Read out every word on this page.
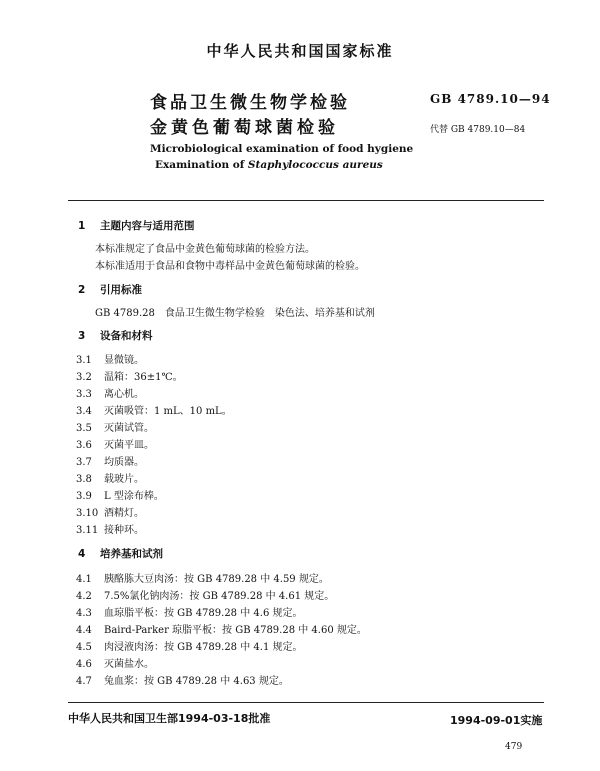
中华人民共和国国家标准
食品卫生微生物学检验
金黄色葡萄球菌检验
GB 4789.10—94
代替 GB 4789.10—84
Microbiological examination of food hygiene
Examination of Staphylococcus aureus
1 主题内容与适用范围
本标准规定了食品中金黄色葡萄球菌的检验方法。
本标准适用于食品和食物中毒样品中金黄色葡萄球菌的检验。
2 引用标准
GB 4789.28　食品卫生微生物学检验　染色法、培养基和试剂
3 设备和材料
3.1 显微镜。
3.2 温箱：36±1℃。
3.3 离心机。
3.4 灭菌吸管：1 mL、10 mL。
3.5 灭菌试管。
3.6 灭菌平皿。
3.7 均质器。
3.8 载玻片。
3.9 L 型涂布棒。
3.10 酒精灯。
3.11 接种环。
4 培养基和试剂
4.1 胰酪胨大豆肉汤：按 GB 4789.28 中 4.59 规定。
4.2 7.5%氯化钠肉汤：按 GB 4789.28 中 4.61 规定。
4.3 血琼脂平板：按 GB 4789.28 中 4.6 规定。
4.4 Baird-Parker 琼脂平板：按 GB 4789.28 中 4.60 规定。
4.5 肉浸液肉汤：按 GB 4789.28 中 4.1 规定。
4.6 灭菌盐水。
4.7 兔血浆：按 GB 4789.28 中 4.63 规定。
中华人民共和国卫生部1994-03-18批准	1994-09-01实施
479
